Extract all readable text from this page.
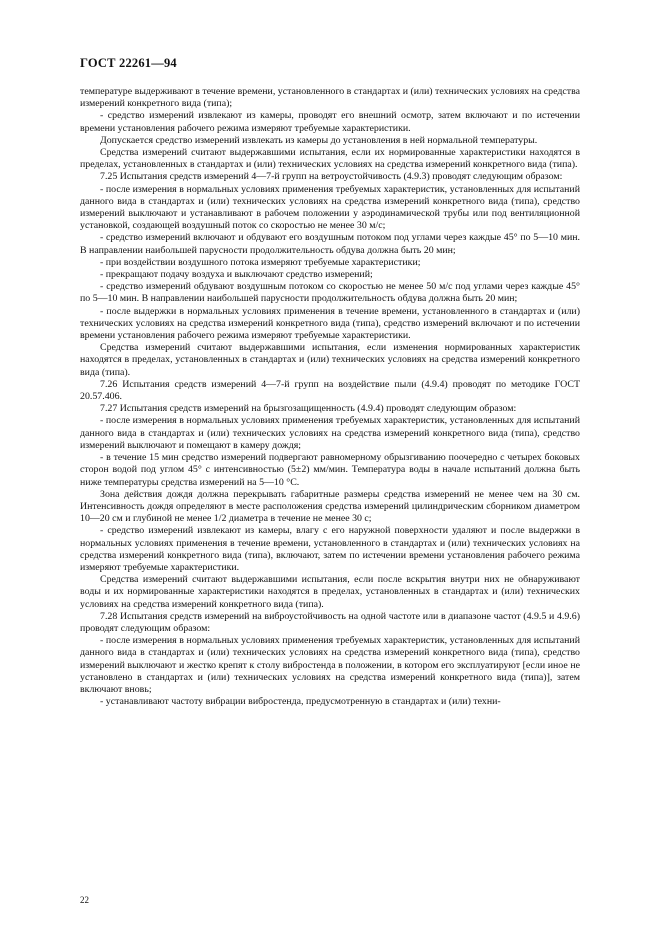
ГОСТ 22261—94

температуре выдерживают в течение времени, установленного в стандартах и (или) технических условиях на средства измерений конкретного вида (типа);

- средство измерений извлекают из камеры, проводят его внешний осмотр, затем включают и по истечении времени установления рабочего режима измеряют требуемые характеристики.

Допускается средство измерений извлекать из камеры до установления в ней нормальной температуры.

Средства измерений считают выдержавшими испытания, если их нормированные характеристики находятся в пределах, установленных в стандартах и (или) технических условиях на средства измерений конкретного вида (типа).

7.25 Испытания средств измерений 4—7-й групп на ветроустойчивость (4.9.3) проводят следующим образом:

- после измерения в нормальных условиях применения требуемых характеристик, установленных для испытаний данного вида в стандартах и (или) технических условиях на средства измерений конкретного вида (типа), средство измерений выключают и устанавливают в рабочем положении у аэродинамической трубы или под вентиляционной установкой, создающей воздушный поток со скоростью не менее 30 м/с;

- средство измерений включают и обдувают его воздушным потоком под углами через каждые 45° по 5—10 мин. В направлении наибольшей парусности продолжительность обдува должна быть 20 мин;

- при воздействии воздушного потока измеряют требуемые характеристики;

- прекращают подачу воздуха и выключают средство измерений;

- средство измерений обдувают воздушным потоком со скоростью не менее 50 м/с под углами через каждые 45° по 5—10 мин. В направлении наибольшей парусности продолжительность обдува должна быть 20 мин;

- после выдержки в нормальных условиях применения в течение времени, установленного в стандартах и (или) технических условиях на средства измерений конкретного вида (типа), средство измерений включают и по истечении времени установления рабочего режима измеряют требуемые характеристики.

Средства измерений считают выдержавшими испытания, если изменения нормированных характеристик находятся в пределах, установленных в стандартах и (или) технических условиях на средства измерений конкретного вида (типа).

7.26 Испытания средств измерений 4—7-й групп на воздействие пыли (4.9.4) проводят по методике ГОСТ 20.57.406.

7.27 Испытания средств измерений на брызгозащищенность (4.9.4) проводят следующим образом:

- после измерения в нормальных условиях применения требуемых характеристик, установленных для испытаний данного вида в стандартах и (или) технических условиях на средства измерений конкретного вида (типа), средство измерений выключают и помещают в камеру дождя;

- в течение 15 мин средство измерений подвергают равномерному обрызгиванию поочередно с четырех боковых сторон водой под углом 45° с интенсивностью (5±2) мм/мин. Температура воды в начале испытаний должна быть ниже температуры средства измерений на 5—10 °С.

Зона действия дождя должна перекрывать габаритные размеры средства измерений не менее чем на 30 см. Интенсивность дождя определяют в месте расположения средства измерений цилиндрическим сборником диаметром 10—20 см и глубиной не менее 1/2 диаметра в течение не менее 30 с;

- средство измерений извлекают из камеры, влагу с его наружной поверхности удаляют и после выдержки в нормальных условиях применения в течение времени, установленного в стандартах и (или) технических условиях на средства измерений конкретного вида (типа), включают, затем по истечении времени установления рабочего режима измеряют требуемые характеристики.

Средства измерений считают выдержавшими испытания, если после вскрытия внутри них не обнаруживают воды и их нормированные характеристики находятся в пределах, установленных в стандартах и (или) технических условиях на средства измерений конкретного вида (типа).

7.28 Испытания средств измерений на виброустойчивость на одной частоте или в диапазоне частот (4.9.5 и 4.9.6) проводят следующим образом:

- после измерения в нормальных условиях применения требуемых характеристик, установленных для испытаний данного вида в стандартах и (или) технических условиях на средства измерений конкретного вида (типа), средство измерений выключают и жестко крепят к столу вибростенда в положении, в котором его эксплуатируют [если иное не установлено в стандартах и (или) технических условиях на средства измерений конкретного вида (типа)], затем включают вновь;

- устанавливают частоту вибрации вибростенда, предусмотренную в стандартах и (или) техни-

22
